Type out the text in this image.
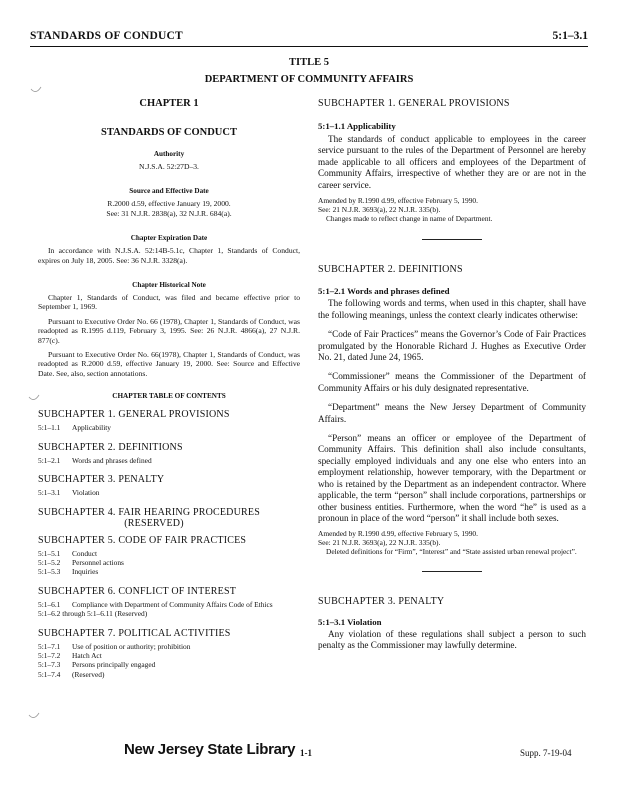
STANDARDS OF CONDUCT	5:1–3.1
TITLE 5
DEPARTMENT OF COMMUNITY AFFAIRS
CHAPTER 1
STANDARDS OF CONDUCT
Authority
N.J.S.A. 52:27D–3.
Source and Effective Date
R.2000 d.59, effective January 19, 2000.
See: 31 N.J.R. 2838(a), 32 N.J.R. 684(a).
Chapter Expiration Date
In accordance with N.J.S.A. 52:14B-5.1c, Chapter 1, Standards of Conduct, expires on July 18, 2005. See: 36 N.J.R. 3328(a).
Chapter Historical Note
Chapter 1, Standards of Conduct, was filed and became effective prior to September 1, 1969.
Pursuant to Executive Order No. 66 (1978), Chapter 1, Standards of Conduct, was readopted as R.1995 d.119, February 3, 1995. See: 26 N.J.R. 4866(a), 27 N.J.R. 877(c).
Pursuant to Executive Order No. 66(1978), Chapter 1, Standards of Conduct, was readopted as R.2000 d.59, effective January 19, 2000. See: Source and Effective Date. See, also, section annotations.
CHAPTER TABLE OF CONTENTS
SUBCHAPTER 1. GENERAL PROVISIONS
5:1–1.1 Applicability
SUBCHAPTER 2. DEFINITIONS
5:1–2.1 Words and phrases defined
SUBCHAPTER 3. PENALTY
5:1–3.1 Violation
SUBCHAPTER 4. FAIR HEARING PROCEDURES
(RESERVED)
SUBCHAPTER 5. CODE OF FAIR PRACTICES
5:1–5.1 Conduct
5:1–5.2 Personnel actions
5:1–5.3 Inquiries
SUBCHAPTER 6. CONFLICT OF INTEREST
5:1–6.1 Compliance with Department of Community Affairs Code of Ethics
5:1–6.2 through 5:1–6.11 (Reserved)
SUBCHAPTER 7. POLITICAL ACTIVITIES
5:1–7.1 Use of position or authority; prohibition
5:1–7.2 Hatch Act
5:1–7.3 Persons principally engaged
5:1–7.4 (Reserved)
SUBCHAPTER 1. GENERAL PROVISIONS
5:1–1.1 Applicability
The standards of conduct applicable to employees in the career service pursuant to the rules of the Department of Personnel are hereby made applicable to all officers and employees of the Department of Community Affairs, irrespective of whether they are or are not in the career service.
Amended by R.1990 d.99, effective February 5, 1990.
See: 21 N.J.R. 3693(a), 22 N.J.R. 335(b).
Changes made to reflect change in name of Department.
SUBCHAPTER 2. DEFINITIONS
5:1–2.1 Words and phrases defined
The following words and terms, when used in this chapter, shall have the following meanings, unless the context clearly indicates otherwise:
“Code of Fair Practices” means the Governor’s Code of Fair Practices promulgated by the Honorable Richard J. Hughes as Executive Order No. 21, dated June 24, 1965.
“Commissioner” means the Commissioner of the Department of Community Affairs or his duly designated representative.
“Department” means the New Jersey Department of Community Affairs.
“Person” means an officer or employee of the Department of Community Affairs. This definition shall also include consultants, specially employed individuals and any one else who enters into an employment relationship, however temporary, with the Department or who is retained by the Department as an independent contractor. Where applicable, the term “person” shall include corporations, partnerships or other business entities. Furthermore, when the word “he” is used as a pronoun in place of the word “person” it shall include both sexes.
Amended by R.1990 d.99, effective February 5, 1990.
See: 21 N.J.R. 3693(a), 22 N.J.R. 335(b).
Deleted definitions for “Firm”, “Interest” and “State assisted urban renewal project”.
SUBCHAPTER 3. PENALTY
5:1–3.1 Violation
Any violation of these regulations shall subject a person to such penalty as the Commissioner may lawfully determine.
New Jersey State Library 1-1	Supp. 7-19-04
